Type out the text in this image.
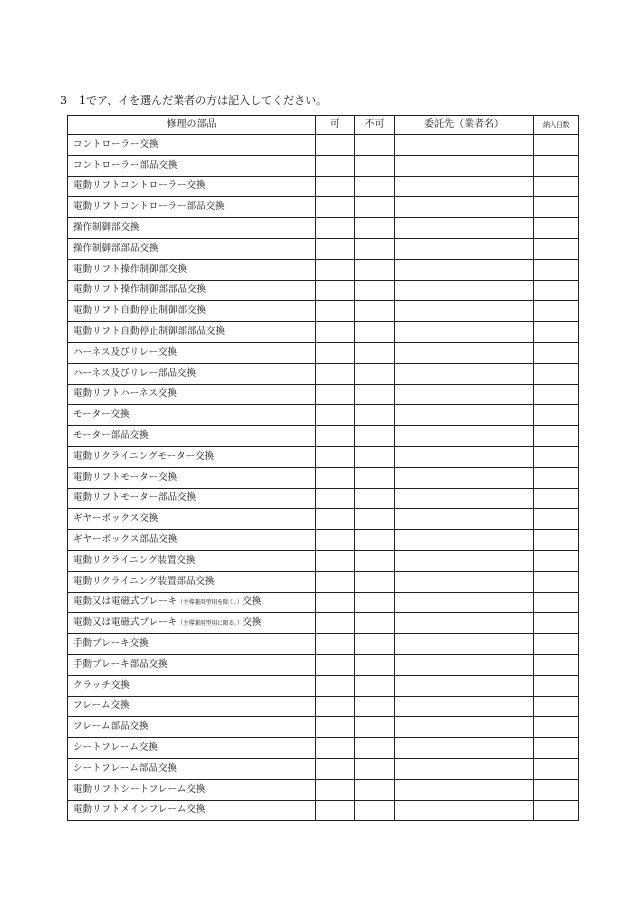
3 1でア、イを選んだ業者の方は記入してください。
修理の部品	可	不可	委託先（業者名）	納入日数
コントローラー交換				
コントローラー部品交換				
電動リフトコントローラー交換				
電動リフトコントローラー部品交換				
操作制御部交換				
操作制御部部品交換				
電動リフト操作制御部交換				
電動リフト操作制御部部品交換				
電動リフト自動停止制御部交換				
電動リフト自動停止制御部部品交換				
ハーネス及びリレー交換				
ハーネス及びリレー部品交換				
電動リフトハーネス交換				
モーター交換				
モーター部品交換				
電動リクライニングモーター交換				
電動リフトモーター交換				
電動リフトモーター部品交換				
ギヤーボックス交換				
ギヤーボックス部品交換				
電動リクライニング装置交換				
電動リクライニング装置部品交換				
電動又は電磁式ブレーキ（主導兼用型用を除く。）交換				
電動又は電磁式ブレーキ（主導兼用型用に限る。）交換				
手動ブレーキ交換				
手動ブレーキ部品交換				
クラッチ交換				
フレーム交換				
フレーム部品交換				
シートフレーム交換				
シートフレーム部品交換				
電動リフトシートフレーム交換				
電動リフトメインフレーム交換				
